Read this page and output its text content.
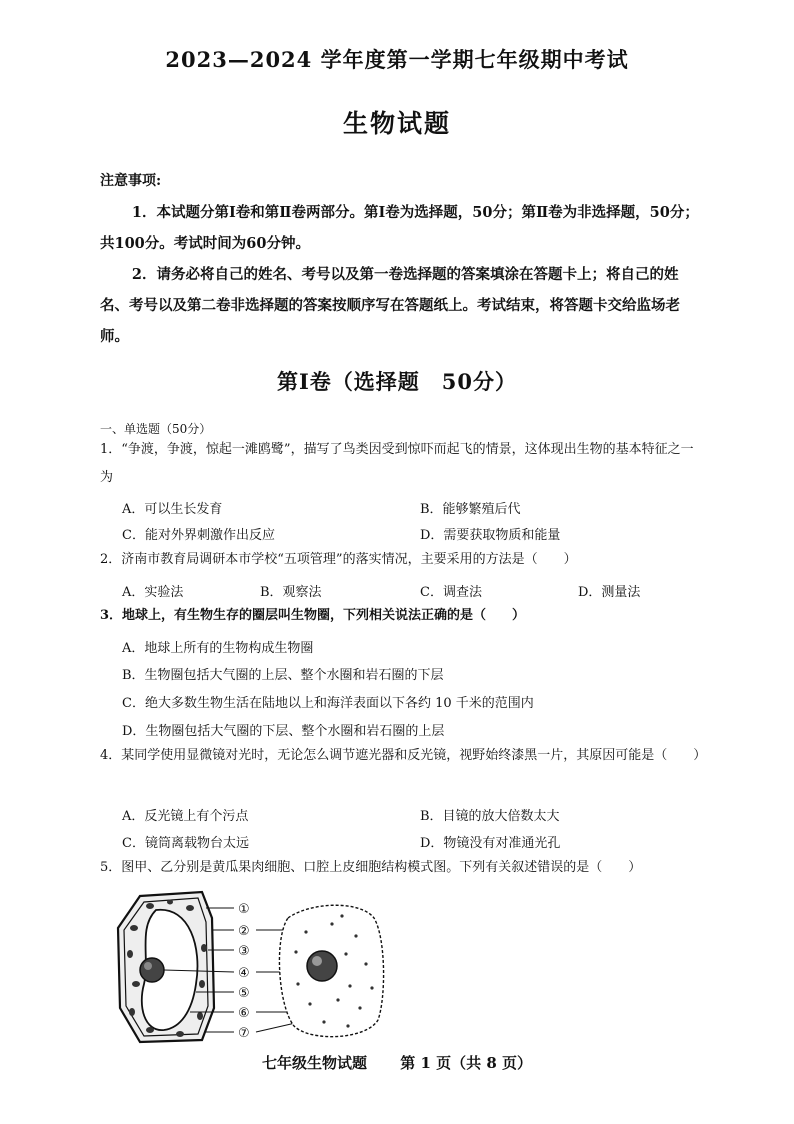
2023—2024 学年度第一学期七年级期中考试
生物试题
注意事项:
1．本试题分第Ⅰ卷和第Ⅱ卷两部分。第Ⅰ卷为选择题，50分；第Ⅱ卷为非选择题，50分；共100分。考试时间为60分钟。
2．请务必将自己的姓名、考号以及第一卷选择题的答案填涂在答题卡上；将自己的姓名、考号以及第二卷非选择题的答案按顺序写在答题纸上。考试结束，将答题卡交给监场老师。
第Ⅰ卷（选择题　50分）
一、单选题（50分）
1．“争渡，争渡，惊起一滩鸥鹭”，描写了鸟类因受到惊吓而起飞的情景，这体现出生物的基本特征之一为
A．可以生长发育	B．能够繁殖后代
C．能对外界刺激作出反应	D．需要获取物质和能量
2．济南市教育局调研本市学校“五项管理”的落实情况，主要采用的方法是（　　）
A．实验法	B．观察法	C．调查法	D．测量法
3．地球上，有生物生存的圈层叫生物圈，下列相关说法正确的是（　　）
A．地球上所有的生物构成生物圈
B．生物圈包括大气圈的上层、整个水圈和岩石圈的下层
C．绝大多数生物生活在陆地以上和海洋表面以下各约 10 千米的范围内
D．生物圈包括大气圈的下层、整个水圈和岩石圈的上层
4．某同学使用显微镜对光时，无论怎么调节遮光器和反光镜，视野始终漆黑一片，其原因可能是（　　）
A．反光镜上有个污点	B．目镜的放大倍数太大
C．镜筒离载物台太远	D．物镜没有对准通光孔
5．图甲、乙分别是黄瓜果肉细胞、口腔上皮细胞结构模式图。下列有关叙述错误的是（　　）
①
②
③
④
⑤
⑥
⑦
七年级生物试题 第 1 页（共 8 页）
